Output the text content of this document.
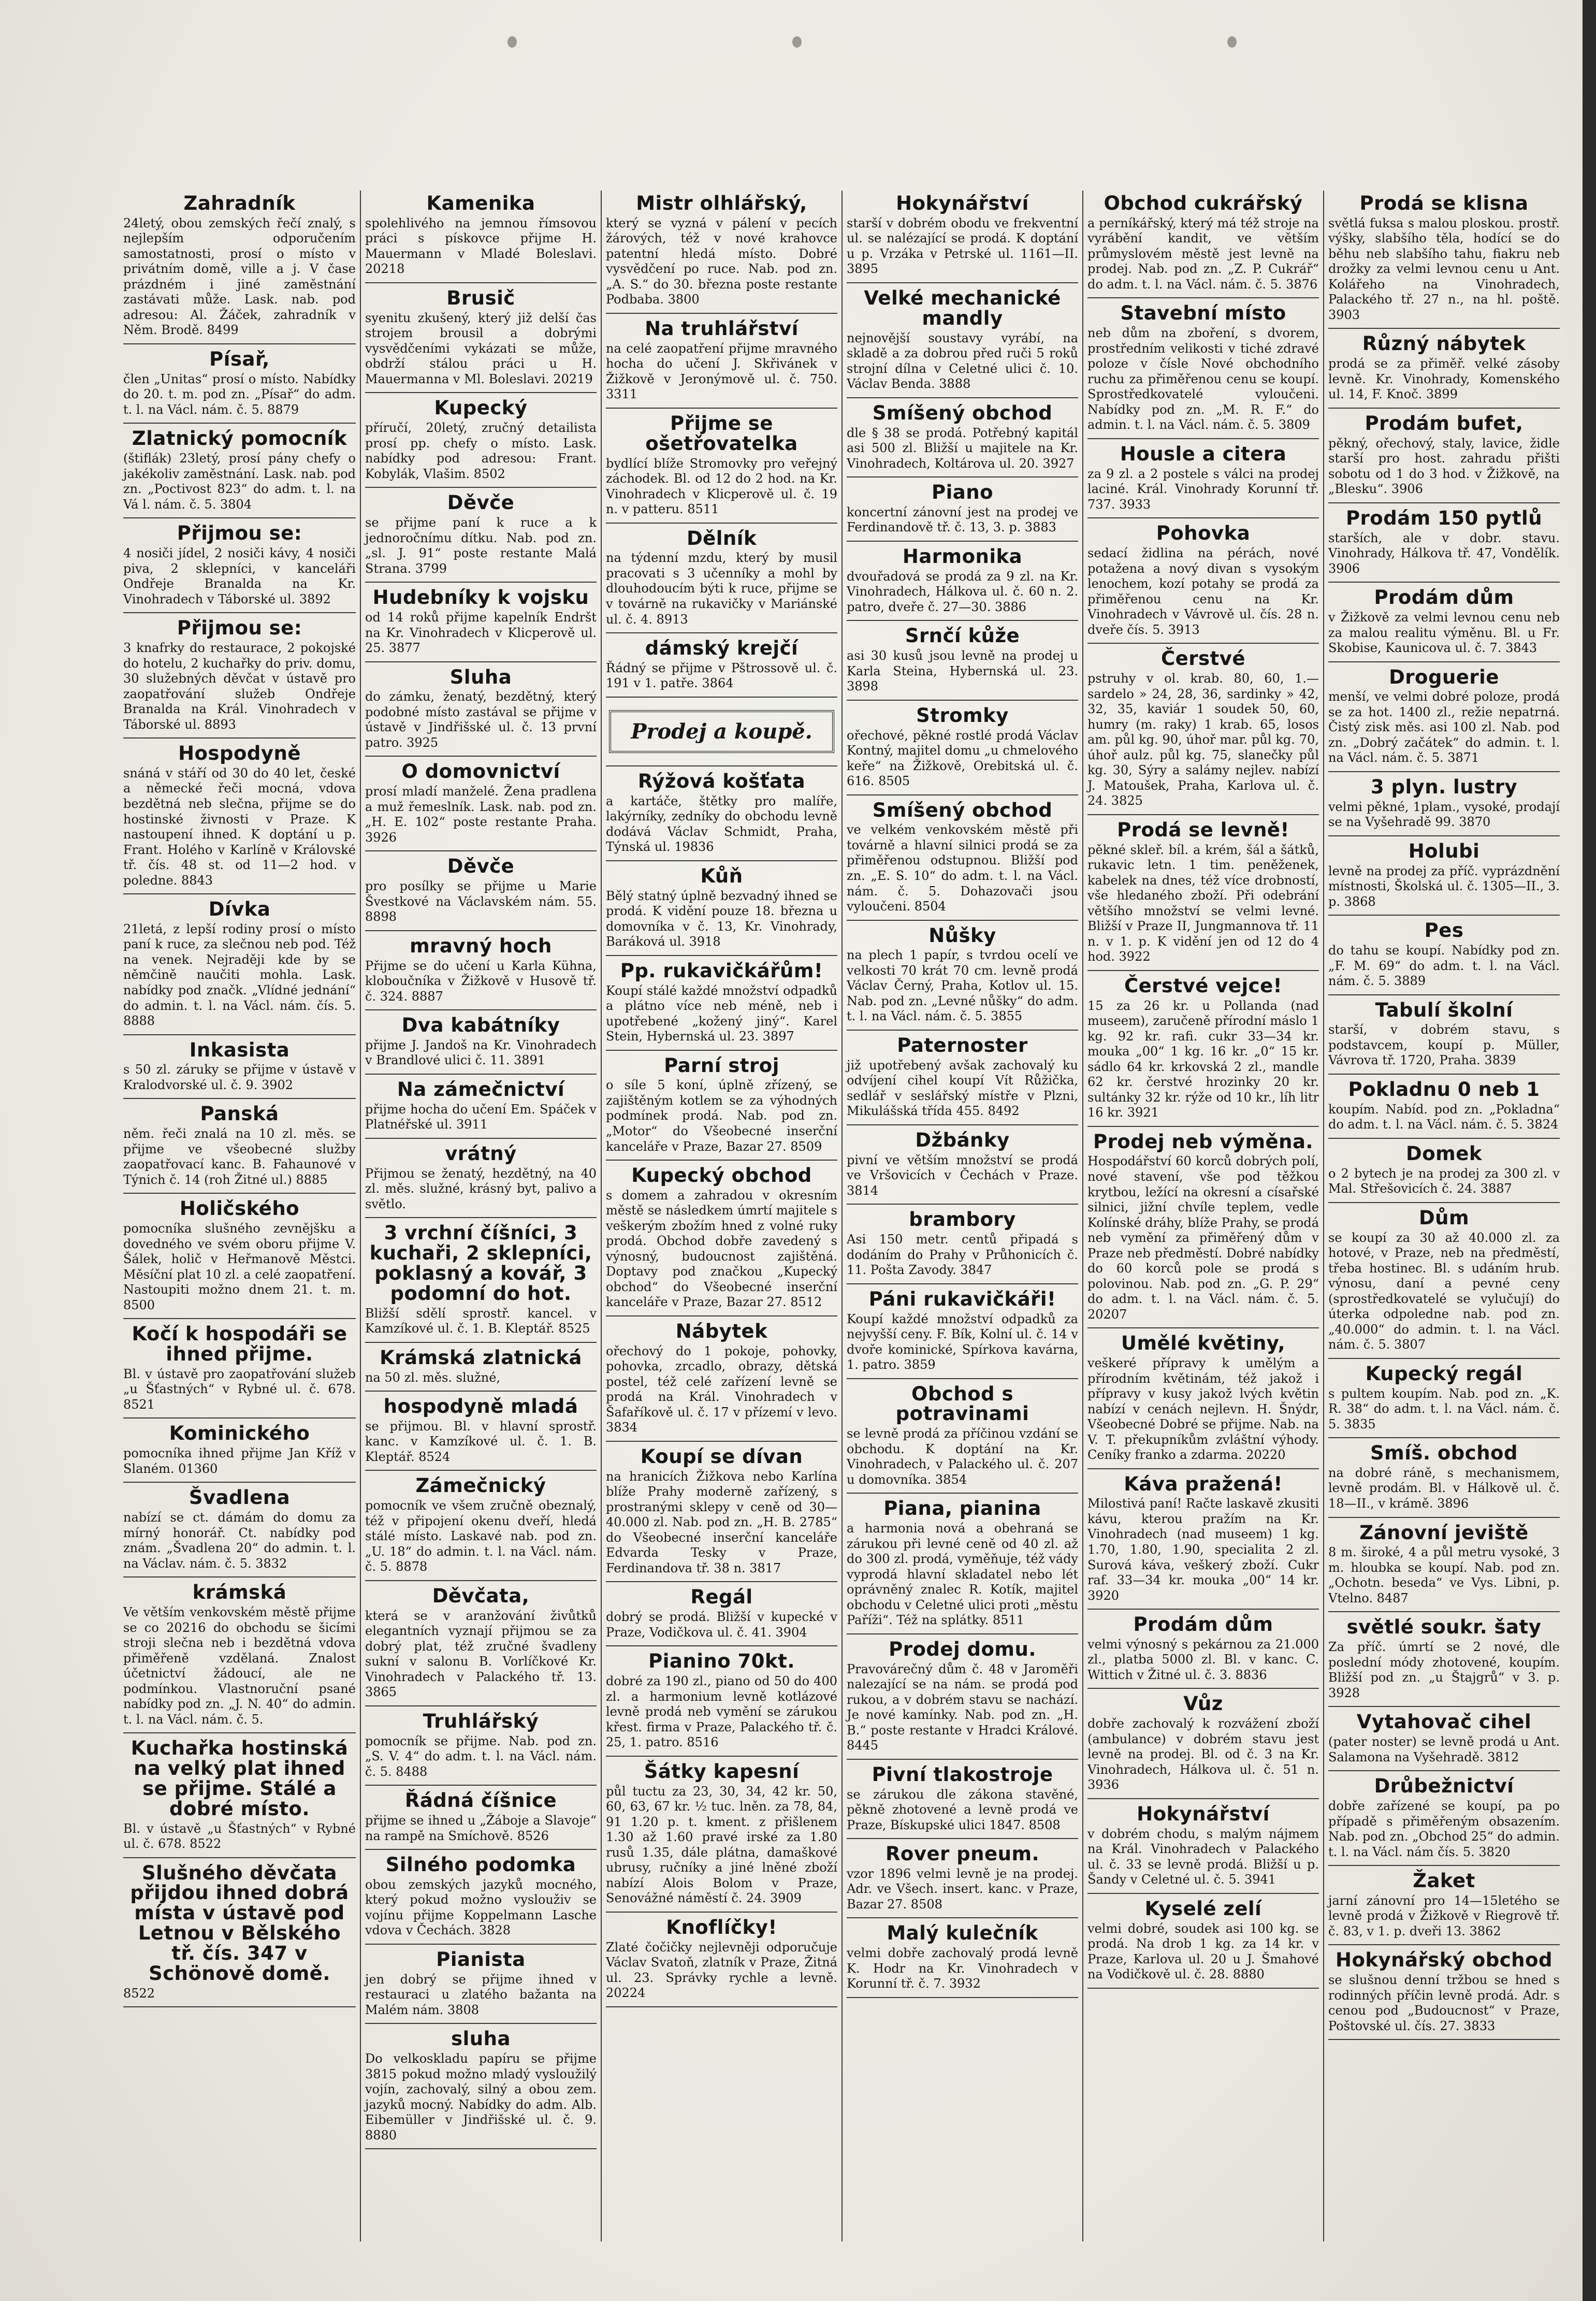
Zahradník

24letý, obou zemských řečí znalý, s nejlepším odporučením samostatnosti, prosí o místo v privátním domě, ville a j. V čase prázdném i jiné zaměstnání zastávati může. Lask. nab. pod adresou: Al. Žáček, zahradník v Něm. Brodě. 8499

Písař,

člen „Unitas“ prosí o místo. Nabídky do 20. t. m. pod zn. „Písař“ do adm. t. l. na Václ. nám. č. 5. 8879

Zlatnický pomocník

(štiflák) 23letý, prosí pány chefy o jakékoliv zaměstnání. Lask. nab. pod zn. „Poctivost 823“ do adm. t. l. na Vá l. nám. č. 5. 3804

Přijmou se:

4 nosiči jídel, 2 nosiči kávy, 4 nosiči piva, 2 sklepníci, v kanceláři Ondřeje Branalda na Kr. Vinohradech v Táborské ul. 3892

Přijmou se:

3 knafrky do restaurace, 2 pokojské do hotelu, 2 kuchařky do priv. domu, 30 služebných děvčat v ústavě pro zaopatřování služeb Ondřeje Branalda na Král. Vinohradech v Táborské ul. 8893

Hospodyně

snáná v stáří od 30 do 40 let, české a německé řeči mocná, vdova bezdětná neb slečna, přijme se do hostinské živnosti v Praze. K nastoupení ihned. K doptání u p. Frant. Holého v Karlíně v Královské tř. čís. 48 st. od 11—2 hod. v poledne. 8843

Dívka

21letá, z lepší rodiny prosí o místo paní k ruce, za slečnou neb pod. Též na venek. Nejraději kde by se němčině naučiti mohla. Lask. nabídky pod značk. „Vlídné jednání“ do admin. t. l. na Václ. nám. čís. 5. 8888

Inkasista

s 50 zl. záruky se přijme v ústavě v Kralodvorské ul. č. 9. 3902

Panská

něm. řeči znalá na 10 zl. měs. se přijme ve všeobecné služby zaopatřovací kanc. B. Fahaunové v Týnich č. 14 (roh Žitné ul.) 8885

Holičského

pomocníka slušného zevnějšku a dovedného ve svém oboru přijme V. Šálek, holič v Heřmanově Městci. Měsíční plat 10 zl. a celé zaopatření. Nastoupiti možno dnem 21. t. m. 8500

Kočí k hospodáři se ihned přijme.

Bl. v ústavě pro zaopatřování služeb „u Šťastných“ v Rybné ul. č. 678. 8521

Kominického

pomocníka ihned přijme Jan Kříž v Slaném. 01360

Švadlena

nabízí se ct. dámám do domu za mírný honorář. Ct. nabídky pod znám. „Švadlena 20“ do admin. t. l. na Václav. nám. č. 5. 3832

krámská

Ve větším venkovském městě přijme se co 20216 do obchodu se šicími stroji slečna neb i bezdětná vdova přiměřeně vzdělaná. Znalost účetnictví žádoucí, ale ne podmínkou. Vlastnoruční psané nabídky pod zn. „J. N. 40“ do admin. t. l. na Václ. nám. č. 5.

Kuchařka hostinská na velký plat ihned se přijme. Stálé a dobré místo.

Bl. v ústavě „u Šťastných“ v Rybné ul. č. 678. 8522

Slušného děvčata přijdou ihned dobrá místa v ústavě pod Letnou v Bělského tř. čís. 347 v Schönově domě.

8522

Kamenika

spolehlivého na jemnou římsovou práci s pískovce přijme H. Mauermann v Mladé Boleslavi. 20218

Brusič

syenitu zkušený, který již delší čas strojem brousil a dobrými vysvědčeními vykázati se může, obdrží stálou práci u H. Mauermanna v Ml. Boleslavi. 20219

Kupecký

příručí, 20letý, zručný detailista prosí pp. chefy o místo. Lask. nabídky pod adresou: Frant. Kobylák, Vlašim. 8502

Děvče

se přijme paní k ruce a k jednoročnímu dítku. Nab. pod zn. „sl. J. 91“ poste restante Malá Strana. 3799

Hudebníky k vojsku

od 14 roků přijme kapelník Endršt na Kr. Vinohradech v Klicperově ul. 25. 3877

Sluha

do zámku, ženatý, bezdětný, který podobné místo zastával se přijme v ústavě v Jindřišské ul. č. 13 první patro. 3925

O domovnictví

prosí mladí manželé. Žena pradlena a muž řemeslník. Lask. nab. pod zn. „H. E. 102“ poste restante Praha. 3926

Děvče

pro posílky se přijme u Marie Švestkové na Václavském nám. 55. 8898

mravný hoch

Přijme se do učení u Karla Kühna, kloboučníka v Žižkově v Husově tř. č. 324. 8887

Dva kabátníky

přijme J. Jandoš na Kr. Vinohradech v Brandlové ulici č. 11. 3891

Na zámečnictví

přijme hocha do učení Em. Spáček v Platnéřské ul. 3911

vrátný

Přijmou se ženatý, hezdětný, na 40 zl. měs. služné, krásný byt, palivo a světlo.

3 vrchní číšníci, 3 kuchaři, 2 sklepníci, poklasný a kovář, 3 podomní do hot.

Bližší sdělí sprostř. kancel. v Kamzíkové ul. č. 1. B. Kleptář. 8525

Krámská zlatnická

na 50 zl. měs. služné,

hospodyně mladá

se přijmou. Bl. v hlavní sprostř. kanc. v Kamzíkové ul. č. 1. B. Kleptář. 8524

Zámečnický

pomocník ve všem zručně obeznalý, též v připojení okenu dveří, hledá stálé místo. Laskavé nab. pod zn. „U. 18“ do admin. t. l. na Václ. nám. č. 5. 8878

Děvčata,

která se v aranžování živůtků elegantních vyznají přijmou se za dobrý plat, též zručné švadleny sukní v salonu B. Vorlíčkové Kr. Vinohradech v Palackého tř. 13. 3865

Truhlářský

pomocník se přijme. Nab. pod zn. „S. V. 4“ do adm. t. l. na Václ. nám. č. 5. 8488

Řádná číšnice

přijme se ihned u „Žáboje a Slavoje“ na rampě na Smíchově. 8526

Silného podomka

obou zemských jazyků mocného, který pokud možno vyslouživ se vojínu přijme Koppelmann Lasche vdova v Čechách. 3828

Pianista

jen dobrý se přijme ihned v restauraci u zlatého bažanta na Malém nám. 3808

sluha

Do velkoskladu papíru se přijme 3815 pokud možno mladý vysloužilý vojín, zachovalý, silný a obou zem. jazyků mocný. Nabídky do adm. Alb. Eibemüller v Jindřišské ul. č. 9. 8880

Mistr olhlářský,

který se vyzná v pálení v pecích žárových, též v nové krahovce patentní hledá místo. Dobré vysvědčení po ruce. Nab. pod zn. „A. S.“ do 30. března poste restante Podbaba. 3800

Na truhlářství

na celé zaopatření přijme mravného hocha do učení J. Skřivánek v Žižkově v Jeronýmově ul. č. 750. 3311

Přijme se ošetřovatelka

bydlící blíže Stromovky pro veřejný záchodek. Bl. od 12 do 2 hod. na Kr. Vinohradech v Klicperově ul. č. 19 n. v patteru. 8511

Dělník

na týdenní mzdu, který by musil pracovati s 3 učenníky a mohl by dlouhodoucím býti k ruce, přijme se v továrně na rukavičky v Mariánské ul. č. 4. 8913

dámský krejčí

Řádný se přijme v Pštrossově ul. č. 191 v 1. patře. 3864

Prodej a koupě.
Rýžová košťata

a kartáče, štětky pro malíře, lakýrníky, zedníky do obchodu levně dodává Václav Schmidt, Praha, Týnská ul. 19836

Kůň

Bělý statný úplně bezvadný ihned se prodá. K vidění pouze 18. března u domovníka v č. 13, Kr. Vinohrady, Baráková ul. 3918

Pp. rukavičkářům!

Koupí stálé každé množství odpadků a plátno více neb méně, neb i upotřebené „kožený jiný“. Karel Stein, Hybernská ul. 23. 3897

Parní stroj

o síle 5 koní, úplně zřízený, se zajištěným kotlem se za výhodných podmínek prodá. Nab. pod zn. „Motor“ do Všeobecné inserční kanceláře v Praze, Bazar 27. 8509

Kupecký obchod

s domem a zahradou v okresním městě se následkem úmrtí majitele s veškerým zbožím hned z volné ruky prodá. Obchod dobře zavedený s výnosný, budoucnost zajištěná. Doptavy pod značkou „Kupecký obchod“ do Všeobecné inserční kanceláře v Praze, Bazar 27. 8512

Nábytek

ořechový do 1 pokoje, pohovky, pohovka, zrcadlo, obrazy, dětská postel, též celé zařízení levně se prodá na Král. Vinohradech v Šafaříkově ul. č. 17 v přízemí v levo. 3834

Koupí se dívan

na hranicích Žižkova nebo Karlína blíže Prahy moderně zařízený, s prostranými sklepy v ceně od 30—40.000 zl. Nab. pod zn. „H. B. 2785“ do Všeobecné inserční kanceláře Edvarda Tesky v Praze, Ferdinandova tř. 38 n. 3817

Regál

dobrý se prodá. Bližší v kupecké v Praze, Vodičkova ul. č. 41. 3904

Pianino 70kt.

dobré za 190 zl., piano od 50 do 400 zl. a harmonium levně kotlázové levně prodá neb vymění se zárukou křest. firma v Praze, Palackého tř. č. 25, 1. patro. 8516

Šátky kapesní

půl tuctu za 23, 30, 34, 42 kr. 50, 60, 63, 67 kr. ½ tuc. lněn. za 78, 84, 91 1.20 p. t. kment. z přišlenem 1.30 až 1.60 pravé irské za 1.80 rusů 1.35, dále plátna, damaškové ubrusy, ručníky a jiné lněné zboží nabízí Alois Bolom v Praze, Senovážné náměstí č. 24. 3909

Knoflíčky!

Zlaté čočičky nejlevněji odporučuje Václav Svatoň, zlatník v Praze, Žitná ul. 23. Správky rychle a levně. 20224

Hokynářství

starší v dobrém obodu ve frekventní ul. se nalézající se prodá. K doptání u p. Vrzáka v Petrské ul. 1161—II. 3895

Velké mechanické mandly

nejnovější soustavy vyrábí, na skladě a za dobrou před ruči 5 roků strojní dílna v Celetné ulici č. 10. Václav Benda. 3888

Smíšený obchod

dle § 38 se prodá. Potřebný kapitál asi 500 zl. Bližší u majitele na Kr. Vinohradech, Koltárova ul. 20. 3927

Piano

koncertní zánovní jest na prodej ve Ferdinandově tř. č. 13, 3. p. 3883

Harmonika

dvouřadová se prodá za 9 zl. na Kr. Vinohradech, Hálkova ul. č. 60 n. 2. patro, dveře č. 27—30. 3886

Srnčí kůže

asi 30 kusů jsou levně na prodej u Karla Steina, Hybernská ul. 23. 3898

Stromky

ořechové, pěkné rostlé prodá Václav Kontný, majitel domu „u chmelového keře“ na Žižkově, Orebitská ul. č. 616. 8505

Smíšený obchod

ve velkém venkovském městě při továrně a hlavní silnici prodá se za přiměřenou odstupnou. Bližší pod zn. „E. S. 10“ do adm. t. l. na Václ. nám. č. 5. Dohazovači jsou vyloučeni. 8504

Nůšky

na plech 1 papír, s tvrdou ocelí ve velkosti 70 krát 70 cm. levně prodá Václav Černý, Praha, Kotlov ul. 15. Nab. pod zn. „Levné nůšky“ do adm. t. l. na Václ. nám. č. 5. 3855

Paternoster

již upotřebený avšak zachovalý ku odvíjení cihel koupí Vít Růžička, sedlář v seslářský místře v Plzni, Mikulášská třída 455. 8492

Džbánky

pivní ve větším množství se prodá ve Vršovicích v Čechách v Praze. 3814

brambory

Asi 150 metr. centů připadá s dodáním do Prahy v Průhonicích č. 11. Pošta Zavody. 3847

Páni rukavičkáři!

Koupí každé množství odpadků za nejvyšší ceny. F. Bík, Kolní ul. č. 14 v dvoře kominické, Spírkova kavárna, 1. patro. 3859

Obchod s potravinami

se levně prodá za příčinou vzdání se obchodu. K doptání na Kr. Vinohradech, v Palackého ul. č. 207 u domovníka. 3854

Piana, pianina

a harmonia nová a obehraná se zárukou při levné ceně od 40 zl. až do 300 zl. prodá, vyměňuje, též vády vyprodá hlavní skladatel nebo lét oprávněný znalec R. Kotík, majitel obchodu v Celetné ulici proti „městu Paříži“. Též na splátky. 8511

Prodej domu.

Pravovárečný dům č. 48 v Jaroměři nalezající se na nám. se prodá pod rukou, a v dobrém stavu se nachází. Je nové kamínky. Nab. pod zn. „H. B.“ poste restante v Hradci Králové. 8445

Pivní tlakostroje

se zárukou dle zákona stavěné, pěkně zhotovené a levně prodá ve Praze, Bískupské ulici 1847. 8508

Rover pneum.

vzor 1896 velmi levně je na prodej. Adr. ve Všech. insert. kanc. v Praze, Bazar 27. 8508

Malý kulečník

velmi dobře zachovalý prodá levně K. Hodr na Kr. Vinohradech v Korunní tř. č. 7. 3932

Obchod cukrářský

a perníkářský, který má též stroje na vyrábění kandit, ve větším průmyslovém městě jest levně na prodej. Nab. pod zn. „Z. P. Cukrář“ do adm. t. l. na Václ. nám. č. 5. 3876

Stavební místo

neb dům na zboření, s dvorem, prostředním velikosti v tiché zdravé poloze v čísle Nové obchodního ruchu za přiměřenou cenu se koupí. Sprostředkovatelé vyloučeni. Nabídky pod zn. „M. R. F.“ do admin. t. l. na Václ. nám. č. 5. 3809

Housle a citera

za 9 zl. a 2 postele s válci na prodej laciné. Král. Vinohrady Korunní tř. 737. 3933

Pohovka

sedací židlina na pérách, nové potažena a nový divan s vysokým lenochem, kozí potahy se prodá za přiměřenou cenu na Kr. Vinohradech v Vávrově ul. čís. 28 n. dveře čís. 5. 3913

Čerstvé

pstruhy v ol. krab. 80, 60, 1.— sardelo » 24, 28, 36, sardinky » 42, 32, 35, kaviár 1 soudek 50, 60, humry (m. raky) 1 krab. 65, losos am. půl kg. 90, úhoř mar. půl kg. 70, úhoř aulz. půl kg. 75, slanečky půl kg. 30, Sýry a salámy nejlev. nabízí J. Matoušek, Praha, Karlova ul. č. 24. 3825

Prodá se levně!

pěkné skleř. bíl. a krém, šál a šátků, rukavic letn. 1 tim. peněženek, kabelek na dnes, též více drobností, vše hledaného zboží. Při odebrání většího množství se velmi levné. Bližší v Praze II, Jungmannova tř. 11 n. v 1. p. K vidění jen od 12 do 4 hod. 3922

Čerstvé vejce!

15 za 26 kr. u Pollanda (nad museem), zaručeně přírodní máslo 1 kg. 92 kr. rafi. cukr 33—34 kr. mouka „00“ 1 kg. 16 kr. „0“ 15 kr. sádlo 64 kr. krkovská 2 zl., mandle 62 kr. čerstvé hrozinky 20 kr. sultánky 32 kr. rýže od 10 kr., líh litr 16 kr. 3921

Prodej neb výměna.

Hospodářství 60 korců dobrých polí, nové stavení, vše pod těžkou krytbou, ležící na okresní a císařské silnici, jižní chvíle teplem, vedle Kolínské dráhy, blíže Prahy, se prodá neb vymění za přiměřený dům v Praze neb předměstí. Dobré nabídky do 60 korců pole se prodá s polovinou. Nab. pod zn. „G. P. 29“ do adm. t. l. na Václ. nám. č. 5. 20207

Umělé květiny,

veškeré přípravy k umělým a přírodním květinám, též jakož i přípravy v kusy jakož lvých květin nabízí v cenách nejlevn. H. Šnýdr, Všeobecné Dobré se přijme. Nab. na V. T. překupníkům zvláštní výhody. Ceníky franko a zdarma. 20220

Káva pražená!

Milostivá paní! Račte laskavě zkusiti kávu, kterou pražím na Kr. Vinohradech (nad museem) 1 kg. 1.70, 1.80, 1.90, specialita 2 zl. Surová káva, veškerý zboží. Cukr raf. 33—34 kr. mouka „00“ 14 kr. 3920

Prodám dům

velmi výnosný s pekárnou za 21.000 zl., platba 5000 zl. Bl. v kanc. C. Wittich v Žitné ul. č. 3. 8836

Vůz

dobře zachovalý k rozvážení zboží (ambulance) v dobrém stavu jest levně na prodej. Bl. od č. 3 na Kr. Vinohradech, Hálkova ul. č. 51 n. 3936

Hokynářství

v dobrém chodu, s malým nájmem na Král. Vinohradech v Palackého ul. č. 33 se levně prodá. Bližší u p. Šandy v Celetné ul. č. 5. 3941

Kyselé zelí

velmi dobré, soudek asi 100 kg. se prodá. Na drob 1 kg. za 14 kr. v Praze, Karlova ul. 20 u J. Šmahové na Vodičkově ul. č. 28. 8880

Prodá se klisna

světlá fuksa s malou ploskou. prostř. výšky, slabšího těla, hodící se do běhu neb slabšího tahu, fiakru neb drožky za velmi levnou cenu u Ant. Kolářeho na Vinohradech, Palackého tř. 27 n., na hl. poště. 3903

Různý nábytek

prodá se za přiměř. velké zásoby levně. Kr. Vinohrady, Komenského ul. 14, F. Knoč. 3899

Prodám bufet,

pěkný, ořechový, staly, lavice, židle starší pro host. zahradu přišti sobotu od 1 do 3 hod. v Žižkově, na „Blesku“. 3906

Prodám 150 pytlů

starších, ale v dobr. stavu. Vinohrady, Hálkova tř. 47, Vondělík. 3906

Prodám dům

v Žižkově za velmi levnou cenu neb za malou realitu výměnu. Bl. u Fr. Skobise, Kaunicova ul. č. 7. 3843

Droguerie

menší, ve velmi dobré poloze, prodá se za hot. 1400 zl., režie nepatrná. Čistý zisk měs. asi 100 zl. Nab. pod zn. „Dobrý začátek“ do admin. t. l. na Václ. nám. č. 5. 3871

3 plyn. lustry

velmi pěkné, 1plam., vysoké, prodají se na Vyšehradě 99. 3870

Holubi

levně na prodej za příč. vyprázdnění místnosti, Školská ul. č. 1305—II., 3. p. 3868

Pes

do tahu se koupí. Nabídky pod zn. „F. M. 69“ do adm. t. l. na Václ. nám. č. 5. 3889

Tabulí školní

starší, v dobrém stavu, s podstavcem, koupí p. Müller, Vávrova tř. 1720, Praha. 3839

Pokladnu 0 neb 1

koupím. Nabíd. pod zn. „Pokladna“ do adm. t. l. na Václ. nám. č. 5. 3824

Domek

o 2 bytech je na prodej za 300 zl. v Mal. Střešovicích č. 24. 3887

Dům

se koupí za 30 až 40.000 zl. za hotové, v Praze, neb na předměstí, třeba hostinec. Bl. s udáním hrub. výnosu, daní a pevné ceny (sprostředkovatelé se vylučují) do úterka odpoledne nab. pod zn. „40.000“ do admin. t. l. na Václ. nám. č. 5. 3807

Kupecký regál

s pultem koupím. Nab. pod zn. „K. R. 38“ do adm. t. l. na Václ. nám. č. 5. 3835

Smíš. obchod

na dobré ráně, s mechanismem, levně prodám. Bl. v Hálkově ul. č. 18—II., v krámě. 3896

Zánovní jeviště

8 m. široké, 4 a půl metru vysoké, 3 m. hloubka se koupí. Nab. pod zn. „Ochotn. beseda“ ve Vys. Libni, p. Vtelno. 8487

světlé soukr. šaty

Za příč. úmrtí se 2 nové, dle poslední módy zhotovené, koupím. Bližší pod zn. „u Štajgrů“ v 3. p. 3928

Vytahovač cihel

(pater noster) se levně prodá u Ant. Salamona na Vyšehradě. 3812

Drůbežnictví

dobře zařízené se koupí, pa po případě s přiměřeným obsazením. Nab. pod zn. „Obchod 25“ do admin. t. l. na Václ. nám čís. 5. 3820

Žaket

jarní zánovní pro 14—15letého se levně prodá v Žižkově v Riegrově tř. č. 83, v 1. p. dveři 13. 3862

Hokynářský obchod

se slušnou denní tržbou se hned s rodinných příčin levně prodá. Adr. s cenou pod „Budoucnost“ v Praze, Poštovské ul. čís. 27. 3833
